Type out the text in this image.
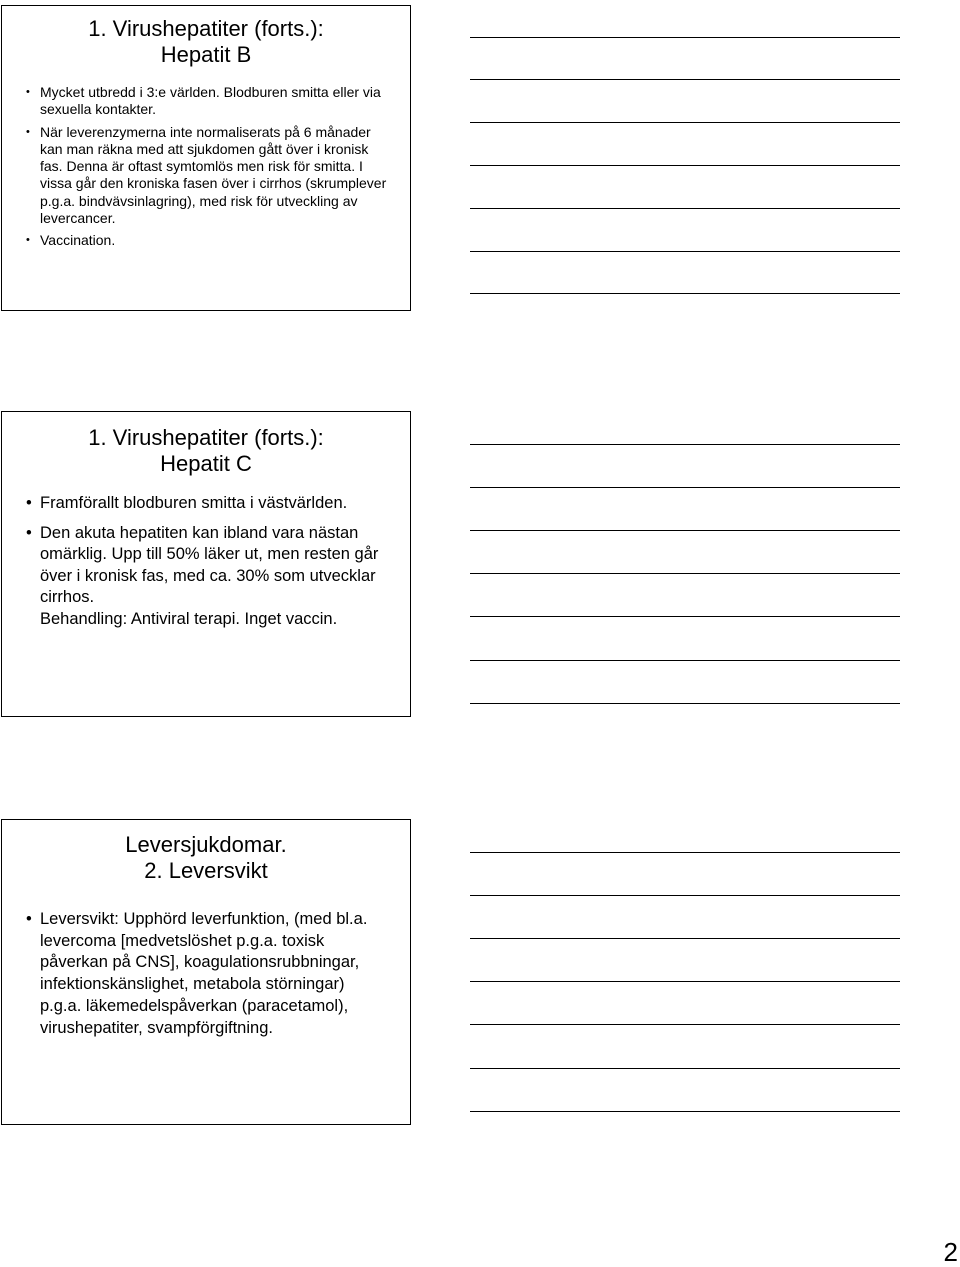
1. Virushepatiter (forts.):
Hepatit B
• Mycket utbredd i 3:e världen. Blodburen smitta eller via sexuella kontakter.
• När leverenzymerna inte normaliserats på 6 månader kan man räkna med att sjukdomen gått över i kronisk fas. Denna är oftast symtomlös men risk för smitta. I vissa går den kroniska fasen över i cirrhos (skrumplever p.g.a. bindvävsinlagring), med risk för utveckling av levercancer.
• Vaccination.
1. Virushepatiter (forts.):
Hepatit C
• Framförallt blodburen smitta i västvärlden.
• Den akuta hepatiten kan ibland vara nästan omärklig. Upp till 50% läker ut, men resten går över i kronisk fas, med ca. 30% som utvecklar cirrhos.
Behandling: Antiviral terapi. Inget vaccin.
Leversjukdomar.
2. Leversvikt
• Leversvikt: Upphörd leverfunktion, (med bl.a. levercoma [medvetslöshet p.g.a. toxisk påverkan på CNS], koagulationsrubbningar, infektionskänslighet, metabola störningar) p.g.a. läkemedelspåverkan (paracetamol), virushepatiter, svampförgiftning.
2
